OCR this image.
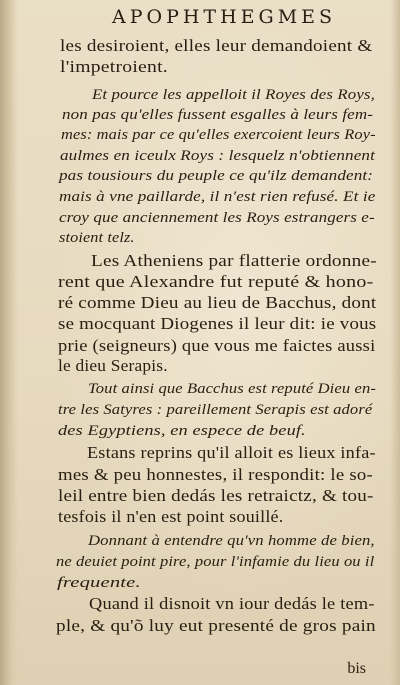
APOPHTHEGMES
les desiroient, elles leur demandoient &
l'impetroient.
Et pource les appelloit il Royes des Roys,
non pas qu'elles fussent esgalles à leurs fem-
mes: mais par ce qu'elles exercoient leurs Roy-
aulmes en iceulx Roys : lesquelz n'obtiennent
pas tousiours du peuple ce qu'ilz demandent:
mais à vne paillarde, il n'est rien refusé. Et ie
croy que anciennement les Roys estrangers e-
stoient telz.
Les Atheniens par flatterie ordonne-
rent que Alexandre fut reputé & hono-
ré comme Dieu au lieu de Bacchus, dont
se mocquant Diogenes il leur dit: ie vous
prie (seigneurs) que vous me faictes aussi
le dieu Serapis.
Tout ainsi que Bacchus est reputé Dieu en-
tre les Satyres : pareillement Serapis est adoré
des Egyptiens, en espece de beuf.
Estans reprins qu'il alloit es lieux infa-
mes & peu honnestes, il respondit: le so-
leil entre bien dedás les retraictz, & tou-
tesfois il n'en est point souillé.
Donnant à entendre qu'vn homme de bien,
ne deuiet point pire, pour l'infamie du lieu ou il
frequente.
Quand il disnoit vn iour dedás le tem-
ple, & qu'õ luy eut presenté de gros pain
bis
